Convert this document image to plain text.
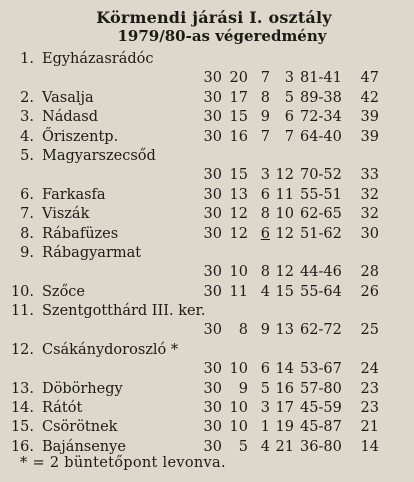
Körmendi járási I. osztály
1979/80-as végeredmény
1. Egyházasrádóc
30 20 7	3 81-41	47
2. Vasalja	30 17 8	5 89-38	42
3. Nádasd	30 15 9	6 72-34	39
4. Őriszentp.	30 16 7	7 64-40	39
5. Magyarszecsőd
30 15 3 12 70-52	33
6. Farkasfa	30 13 6 11 55-51	32
7. Viszák	30 12 8 10 62-65	32
8. Rábafüzes	30 12 6 12 51-62	30
9. Rábagyarmat
30 10 8 12 44-46	28
10. Szőce	30 11 4 15 55-64	26
11. Szentgotthárd III. ker.
30	8 9 13 62-72	25
12. Csákánydoroszló *
30 10 6 14 53-67	24
13. Döbörhegy	30	9 5 16 57-80	23
14. Rátót	30 10 3 17 45-59	23
15. Csörötnek	30 10 1 19 45-87	21
16. Bajánsenye	30	5 4 21 36-80	14
* = 2 büntetőpont levonva.
